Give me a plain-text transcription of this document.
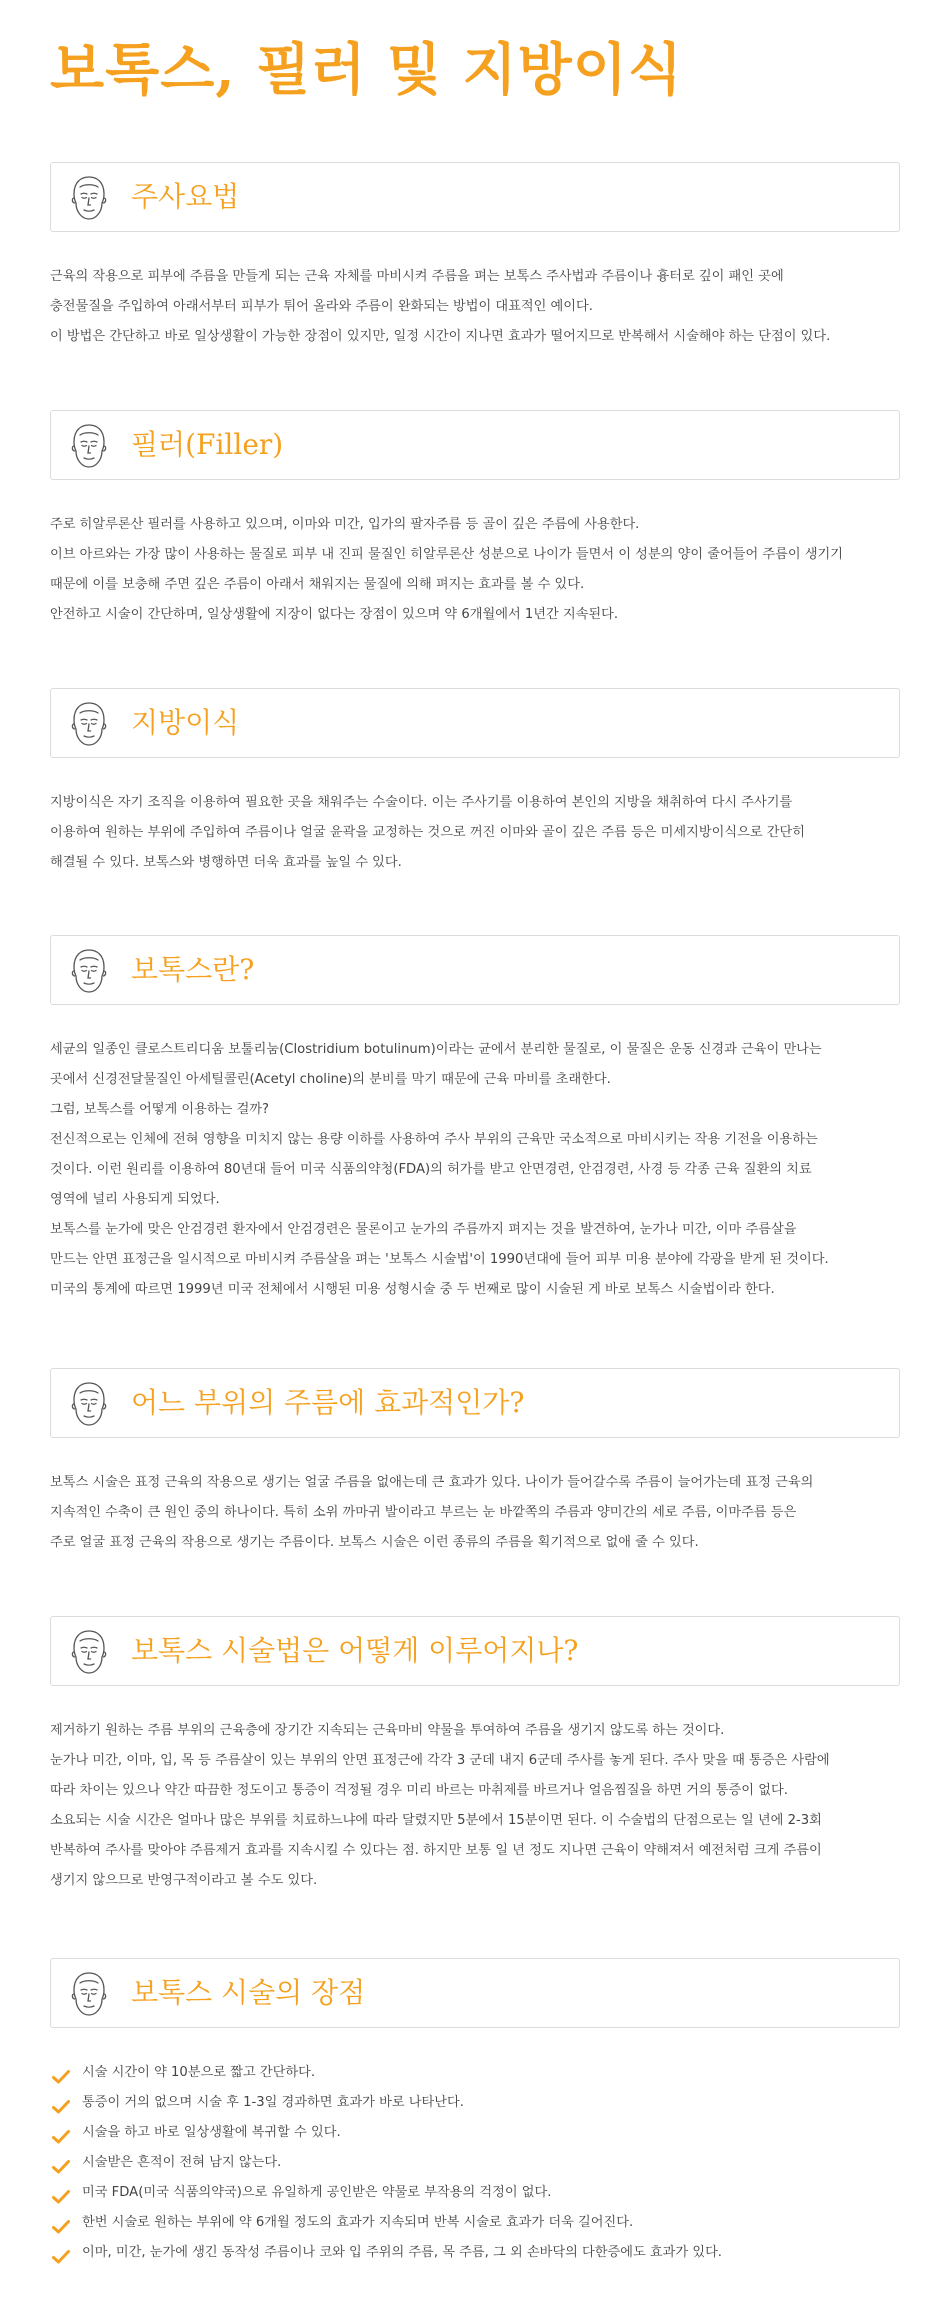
보톡스, 필러 및 지방이식
주사요법

근육의 작용으로 피부에 주름을 만들게 되는 근육 자체를 마비시켜 주름을 펴는 보톡스 주사법과 주름이나 흉터로 깊이 패인 곳에

충전물질을 주입하여 아래서부터 피부가 튀어 올라와 주름이 완화되는 방법이 대표적인 예이다.

이 방법은 간단하고 바로 일상생활이 가능한 장점이 있지만, 일정 시간이 지나면 효과가 떨어지므로 반복해서 시술해야 하는 단점이 있다.

필러(Filler)

주로 히알루론산 필러를 사용하고 있으며, 이마와 미간, 입가의 팔자주름 등 골이 깊은 주름에 사용한다.

이브 아르와는 가장 많이 사용하는 물질로 피부 내 진피 물질인 히알루론산 성분으로 나이가 들면서 이 성분의 양이 줄어들어 주름이 생기기

때문에 이를 보충해 주면 깊은 주름이 아래서 채워지는 물질에 의해 펴지는 효과를 볼 수 있다.

안전하고 시술이 간단하며, 일상생활에 지장이 없다는 장점이 있으며 약 6개월에서 1년간 지속된다.

지방이식

지방이식은 자기 조직을 이용하여 필요한 곳을 채워주는 수술이다. 이는 주사기를 이용하여 본인의 지방을 채취하여 다시 주사기를

이용하여 원하는 부위에 주입하여 주름이나 얼굴 윤곽을 교정하는 것으로 꺼진 이마와 골이 깊은 주름 등은 미세지방이식으로 간단히

해결될 수 있다. 보톡스와 병행하면 더욱 효과를 높일 수 있다.

보톡스란?

세균의 일종인 클로스트리디움 보툴리눔(Clostridium botulinum)이라는 균에서 분리한 물질로, 이 물질은 운동 신경과 근육이 만나는

곳에서 신경전달물질인 아세틸콜린(Acetyl choline)의 분비를 막기 때문에 근육 마비를 초래한다.

그럼, 보톡스를 어떻게 이용하는 걸까?

전신적으로는 인체에 전혀 영향을 미치지 않는 용량 이하를 사용하여 주사 부위의 근육만 국소적으로 마비시키는 작용 기전을 이용하는

것이다. 이런 원리를 이용하여 80년대 들어 미국 식품의약청(FDA)의 허가를 받고 안면경련, 안검경련, 사경 등 각종 근육 질환의 치료

영역에 널리 사용되게 되었다.

보톡스를 눈가에 맞은 안검경련 환자에서 안검경련은 물론이고 눈가의 주름까지 펴지는 것을 발견하여, 눈가나 미간, 이마 주름살을

만드는 안면 표정근을 일시적으로 마비시켜 주름살을 펴는 '보톡스 시술법'이 1990년대에 들어 피부 미용 분야에 각광을 받게 된 것이다.

미국의 통계에 따르면 1999년 미국 전체에서 시행된 미용 성형시술 중 두 번째로 많이 시술된 게 바로 보톡스 시술법이라 한다.

어느 부위의 주름에 효과적인가?

보톡스 시술은 표정 근육의 작용으로 생기는 얼굴 주름을 없애는데 큰 효과가 있다. 나이가 들어갈수록 주름이 늘어가는데 표정 근육의

지속적인 수축이 큰 원인 중의 하나이다. 특히 소위 까마귀 발이라고 부르는 눈 바깥쪽의 주름과 양미간의 세로 주름, 이마주름 등은

주로 얼굴 표정 근육의 작용으로 생기는 주름이다. 보톡스 시술은 이런 종류의 주름을 획기적으로 없애 줄 수 있다.

보톡스 시술법은 어떻게 이루어지나?

제거하기 원하는 주름 부위의 근육층에 장기간 지속되는 근육마비 약물을 투여하여 주름을 생기지 않도록 하는 것이다.

눈가나 미간, 이마, 입, 목 등 주름살이 있는 부위의 안면 표정근에 각각 3 군데 내지 6군데 주사를 놓게 된다. 주사 맞을 때 통증은 사람에

따라 차이는 있으나 약간 따끔한 정도이고 통증이 걱정될 경우 미리 바르는 마취제를 바르거나 얼음찜질을 하면 거의 통증이 없다.

소요되는 시술 시간은 얼마나 많은 부위를 치료하느냐에 따라 달렸지만 5분에서 15분이면 된다. 이 수술법의 단점으로는 일 년에 2-3회

반복하여 주사를 맞아야 주름제거 효과를 지속시킬 수 있다는 점. 하지만 보통 일 년 정도 지나면 근육이 약해져서 예전처럼 크게 주름이

생기지 않으므로 반영구적이라고 볼 수도 있다.

보톡스 시술의 장점
시술 시간이 약 10분으로 짧고 간단하다.
통증이 거의 없으며 시술 후 1-3일 경과하면 효과가 바로 나타난다.
시술을 하고 바로 일상생활에 복귀할 수 있다.
시술받은 흔적이 전혀 남지 않는다.
미국 FDA(미국 식품의약국)으로 유일하게 공인받은 약물로 부작용의 걱정이 없다.
한번 시술로 원하는 부위에 약 6개월 정도의 효과가 지속되며 반복 시술로 효과가 더욱 길어진다.
이마, 미간, 눈가에 생긴 동작성 주름이나 코와 입 주위의 주름, 목 주름, 그 외 손바닥의 다한증에도 효과가 있다.
